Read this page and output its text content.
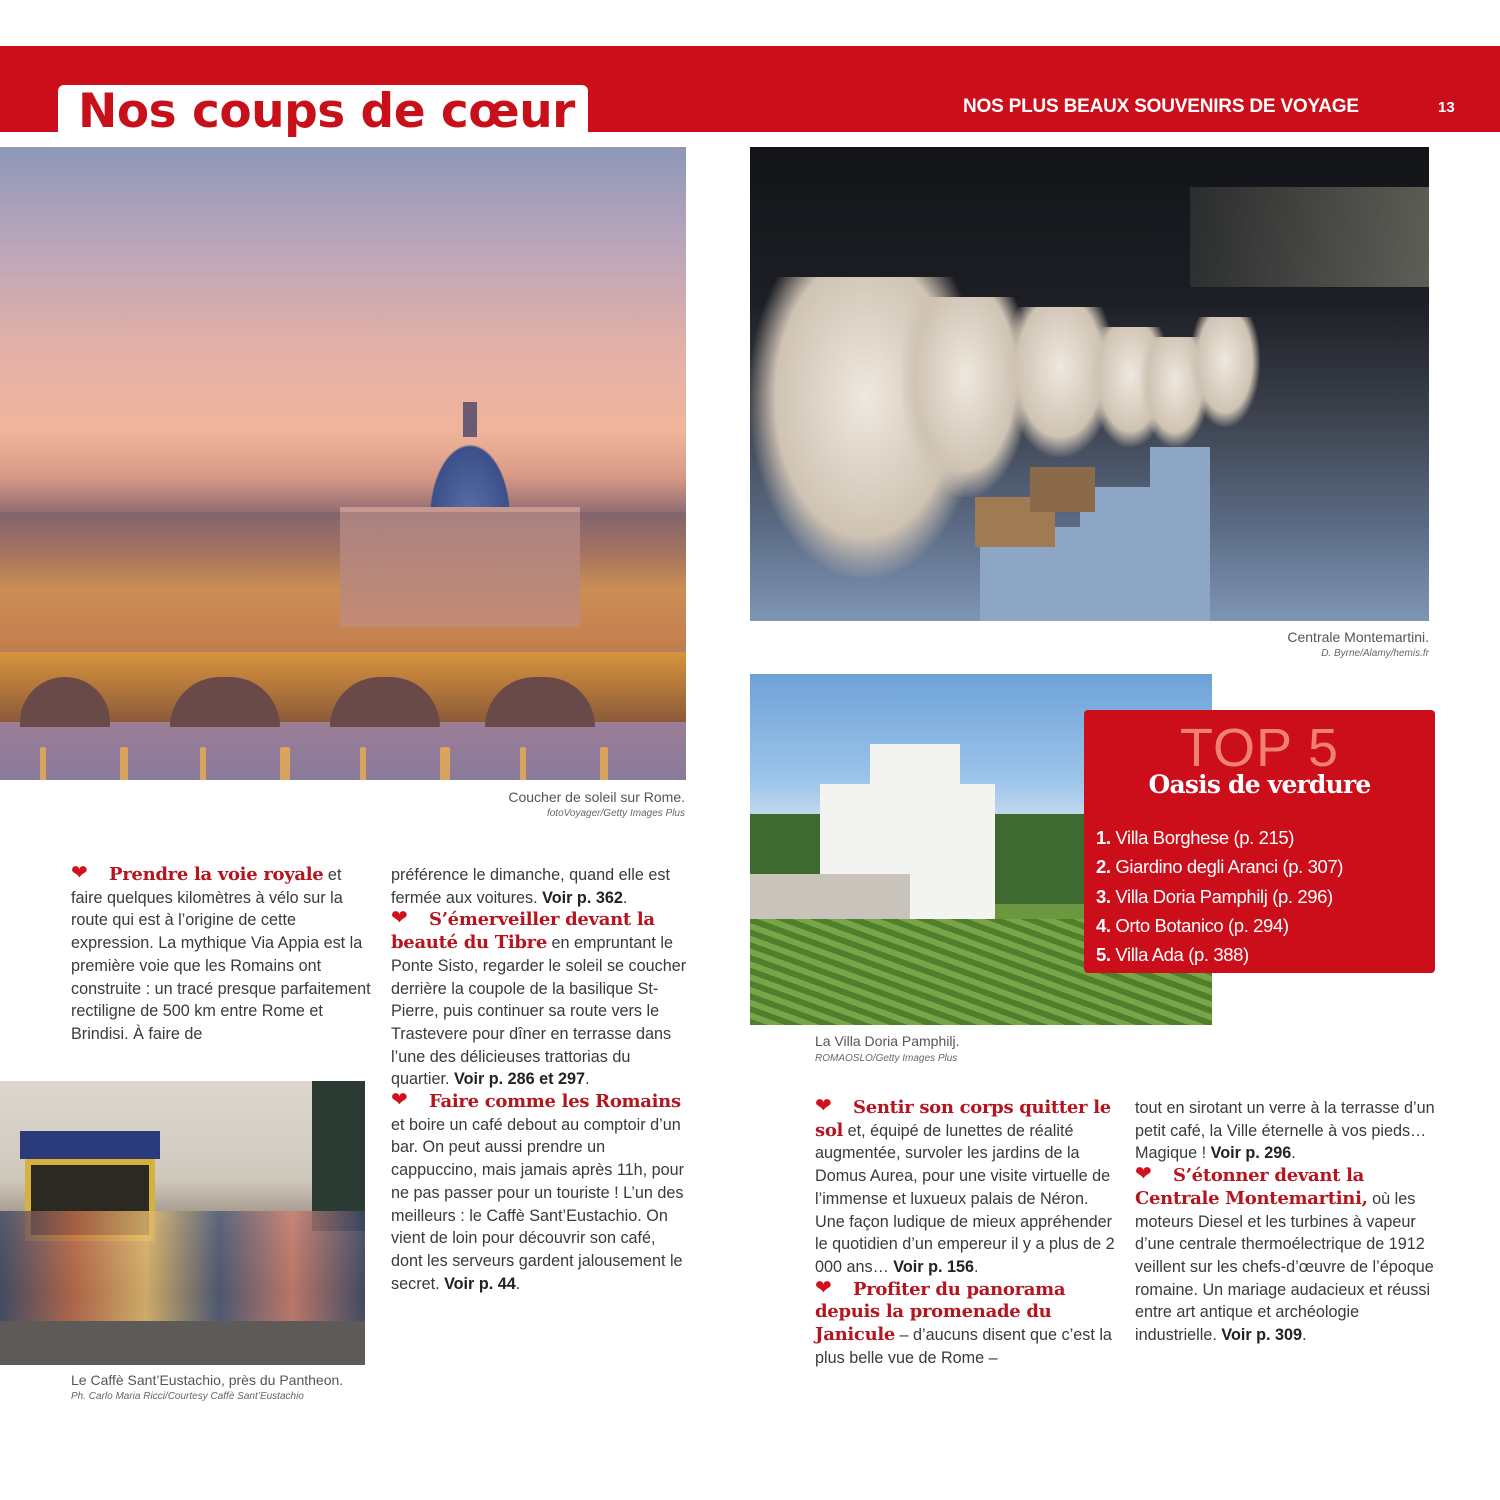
Nos coups de cœur	NOS PLUS BEAUX SOUVENIRS DE VOYAGE	13
Coucher de soleil sur Rome.
fotoVoyager/Getty Images Plus
Centrale Montemartini.
D. Byrne/Alamy/hemis.fr
La Villa Doria Pamphilj.
ROMAOSLO/Getty Images Plus
TOP 5
Oasis de verdure
1. Villa Borghese (p. 215)
2. Giardino degli Aranci (p. 307)
3. Villa Doria Pamphilj (p. 296)
4. Orto Botanico (p. 294)
5. Villa Ada (p. 388)
Le Caffè Sant’Eustachio, près du Pantheon.
Ph. Carlo Maria Ricci/Courtesy Caffè Sant’Eustachio

❤ Prendre la voie royale et faire quelques kilomètres à vélo sur la route qui est à l’origine de cette expression. La mythique Via Appia est la première voie que les Romains ont construite : un tracé presque parfaitement rectiligne de 500 km entre Rome et Brindisi. À faire de

préférence le dimanche, quand elle est fermée aux voitures. Voir p. 362.

❤ S’émerveiller devant la beauté du Tibre en empruntant le Ponte Sisto, regarder le soleil se coucher derrière la coupole de la basilique St-Pierre, puis continuer sa route vers le Trastevere pour dîner en terrasse dans l’une des délicieuses trattorias du quartier. Voir p. 286 et 297.

❤ Faire comme les Romains et boire un café debout au comptoir d’un bar. On peut aussi prendre un cappuccino, mais jamais après 11h, pour ne pas passer pour un touriste ! L’un des meilleurs : le Caffè Sant’Eustachio. On vient de loin pour découvrir son café, dont les serveurs gardent jalousement le secret. Voir p. 44.

❤ Sentir son corps quitter le sol et, équipé de lunettes de réalité augmentée, survoler les jardins de la Domus Aurea, pour une visite virtuelle de l’immense et luxueux palais de Néron. Une façon ludique de mieux appréhender le quotidien d’un empereur il y a plus de 2 000 ans… Voir p. 156.

❤ Profiter du panorama depuis la promenade du Janicule – d’aucuns disent que c’est la plus belle vue de Rome –

tout en sirotant un verre à la terrasse d’un petit café, la Ville éternelle à vos pieds… Magique ! Voir p. 296.

❤ S’étonner devant la Centrale Montemartini, où les moteurs Diesel et les turbines à vapeur d’une centrale thermoélectrique de 1912 veillent sur les chefs-d’œuvre de l’époque romaine. Un mariage audacieux et réussi entre art antique et archéologie industrielle. Voir p. 309.
